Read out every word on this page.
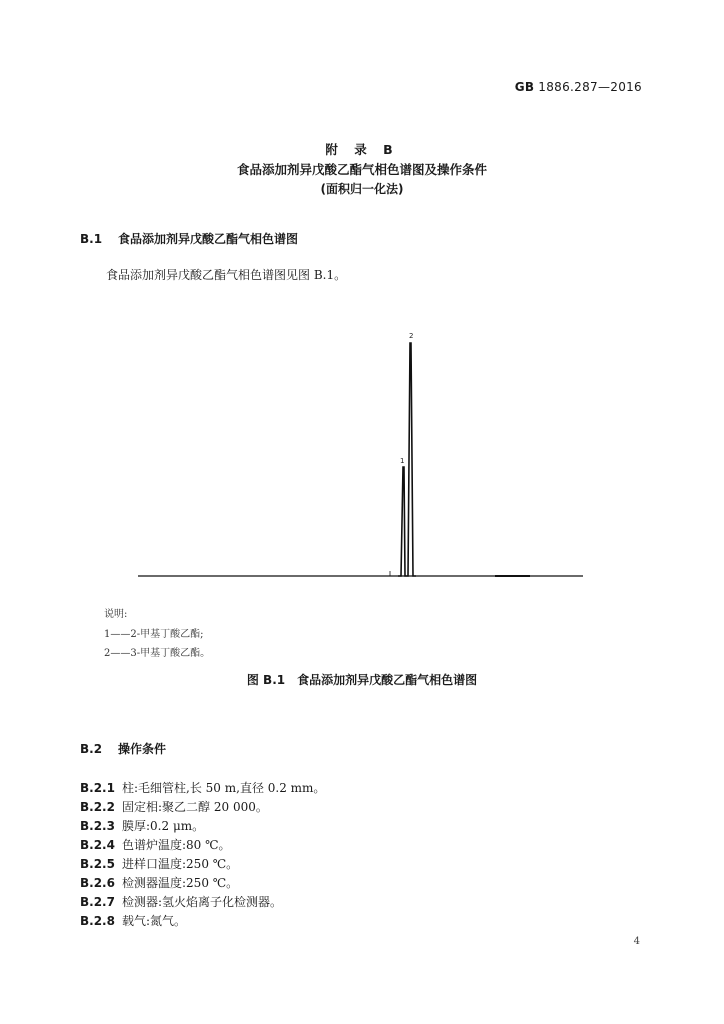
GB 1886.287—2016
附 录 B
食品添加剂异戊酸乙酯气相色谱图及操作条件
(面积归一化法)
B.1 食品添加剂异戊酸乙酯气相色谱图
食品添加剂异戊酸乙酯气相色谱图见图 B.1。
1
2
说明:
1——2-甲基丁酸乙酯;
2——3-甲基丁酸乙酯。
图 B.1 食品添加剂异戊酸乙酯气相色谱图
B.2 操作条件
B.2.1 柱:毛细管柱,长 50 m,直径 0.2 mm。
B.2.2 固定相:聚乙二醇 20 000。
B.2.3 膜厚:0.2 μm。
B.2.4 色谱炉温度:80 ℃。
B.2.5 进样口温度:250 ℃。
B.2.6 检测器温度:250 ℃。
B.2.7 检测器:氢火焰离子化检测器。
B.2.8 载气:氮气。
4
